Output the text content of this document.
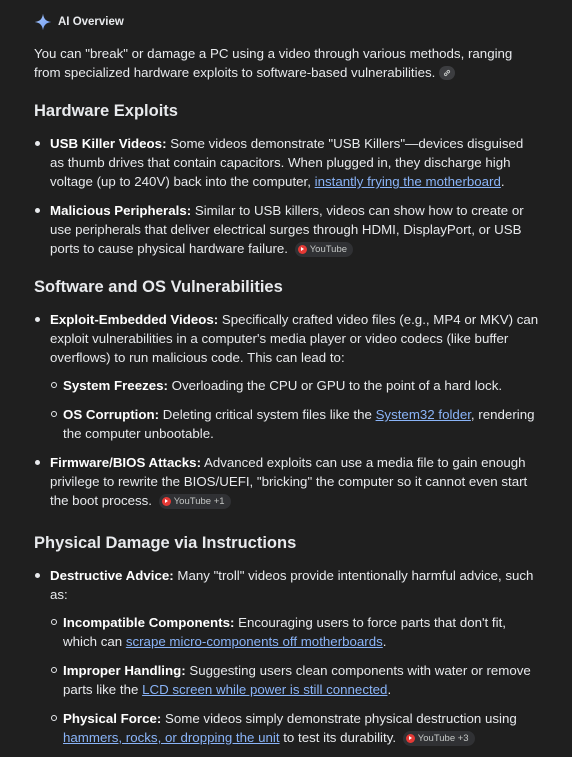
AI Overview
You can "break" or damage a PC using a video through various methods, ranging from specialized hardware exploits to software-based vulnerabilities.
Hardware Exploits
USB Killer Videos: Some videos demonstrate "USB Killers"—devices disguised as thumb drives that contain capacitors. When plugged in, they discharge high voltage (up to 240V) back into the computer, instantly frying the motherboard.
Malicious Peripherals: Similar to USB killers, videos can show how to create or use peripherals that deliver electrical surges through HDMI, DisplayPort, or USB ports to cause physical hardware failure. YouTube
Software and OS Vulnerabilities
Exploit-Embedded Videos: Specifically crafted video files (e.g., MP4 or MKV) can exploit vulnerabilities in a computer's media player or video codecs (like buffer overflows) to run malicious code. This can lead to:
System Freezes: Overloading the CPU or GPU to the point of a hard lock.
OS Corruption: Deleting critical system files like the System32 folder, rendering the computer unbootable.
Firmware/BIOS Attacks: Advanced exploits can use a media file to gain enough privilege to rewrite the BIOS/UEFI, "bricking" the computer so it cannot even start the boot process. YouTube +1
Physical Damage via Instructions
Destructive Advice: Many "troll" videos provide intentionally harmful advice, such as:
Incompatible Components: Encouraging users to force parts that don't fit, which can scrape micro-components off motherboards.
Improper Handling: Suggesting users clean components with water or remove parts like the LCD screen while power is still connected.
Physical Force: Some videos simply demonstrate physical destruction using hammers, rocks, or dropping the unit to test its durability. YouTube +3
